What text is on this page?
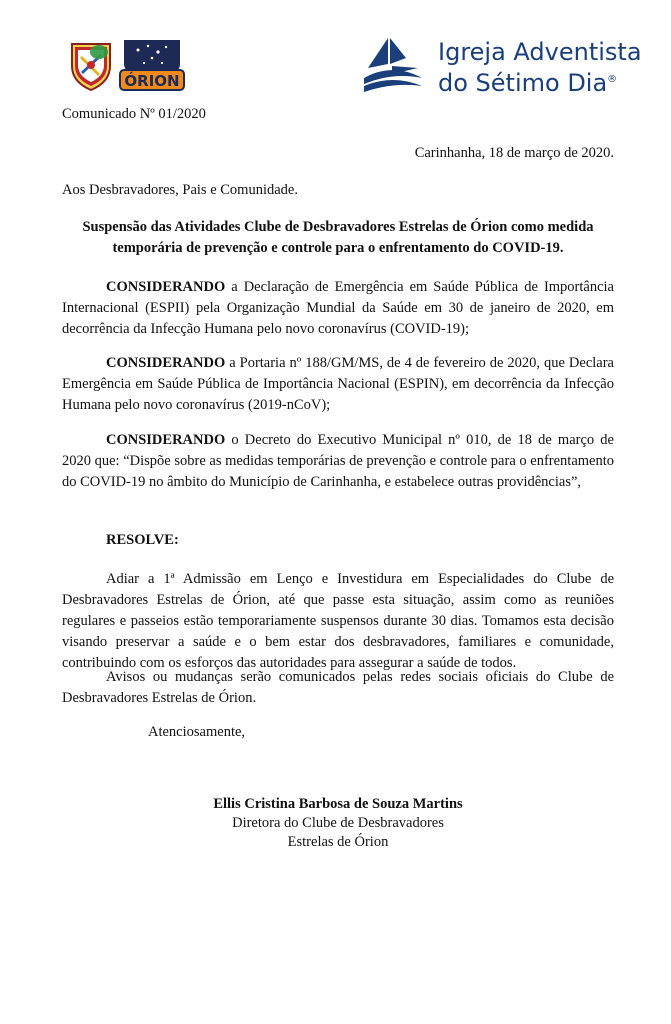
ÓRION
Igreja Adventista
do Sétimo Dia®
Comunicado Nº 01/2020
Carinhanha, 18 de março de 2020.
Aos Desbravadores, Pais e Comunidade.
Suspensão das Atividades Clube de Desbravadores Estrelas de Órion como medida temporária de prevenção e controle para o enfrentamento do COVID-19.

CONSIDERANDO a Declaração de Emergência em Saúde Pública de Importância Internacional (ESPII) pela Organização Mundial da Saúde em 30 de janeiro de 2020, em decorrência da Infecção Humana pelo novo coronavírus (COVID-19);

CONSIDERANDO a Portaria nº 188/GM/MS, de 4 de fevereiro de 2020, que Declara Emergência em Saúde Pública de Importância Nacional (ESPIN), em decorrência da Infecção Humana pelo novo coronavírus (2019-nCoV);

CONSIDERANDO o Decreto do Executivo Municipal nº 010, de 18 de março de 2020 que: “Dispõe sobre as medidas temporárias de prevenção e controle para o enfrentamento do COVID-19 no âmbito do Município de Carinhanha, e estabelece outras providências”,

RESOLVE:

Adiar a 1ª Admissão em Lenço e Investidura em Especialidades do Clube de Desbravadores Estrelas de Órion, até que passe esta situação, assim como as reuniões regulares e passeios estão temporariamente suspensos durante 30 dias. Tomamos esta decisão visando preservar a saúde e o bem estar dos desbravadores, familiares e comunidade, contribuindo com os esforços das autoridades para assegurar a saúde de todos.

Avisos ou mudanças serão comunicados pelas redes sociais oficiais do Clube de Desbravadores Estrelas de Órion.

Atenciosamente,
Ellis Cristina Barbosa de Souza Martins
Diretora do Clube de Desbravadores
Estrelas de Órion
